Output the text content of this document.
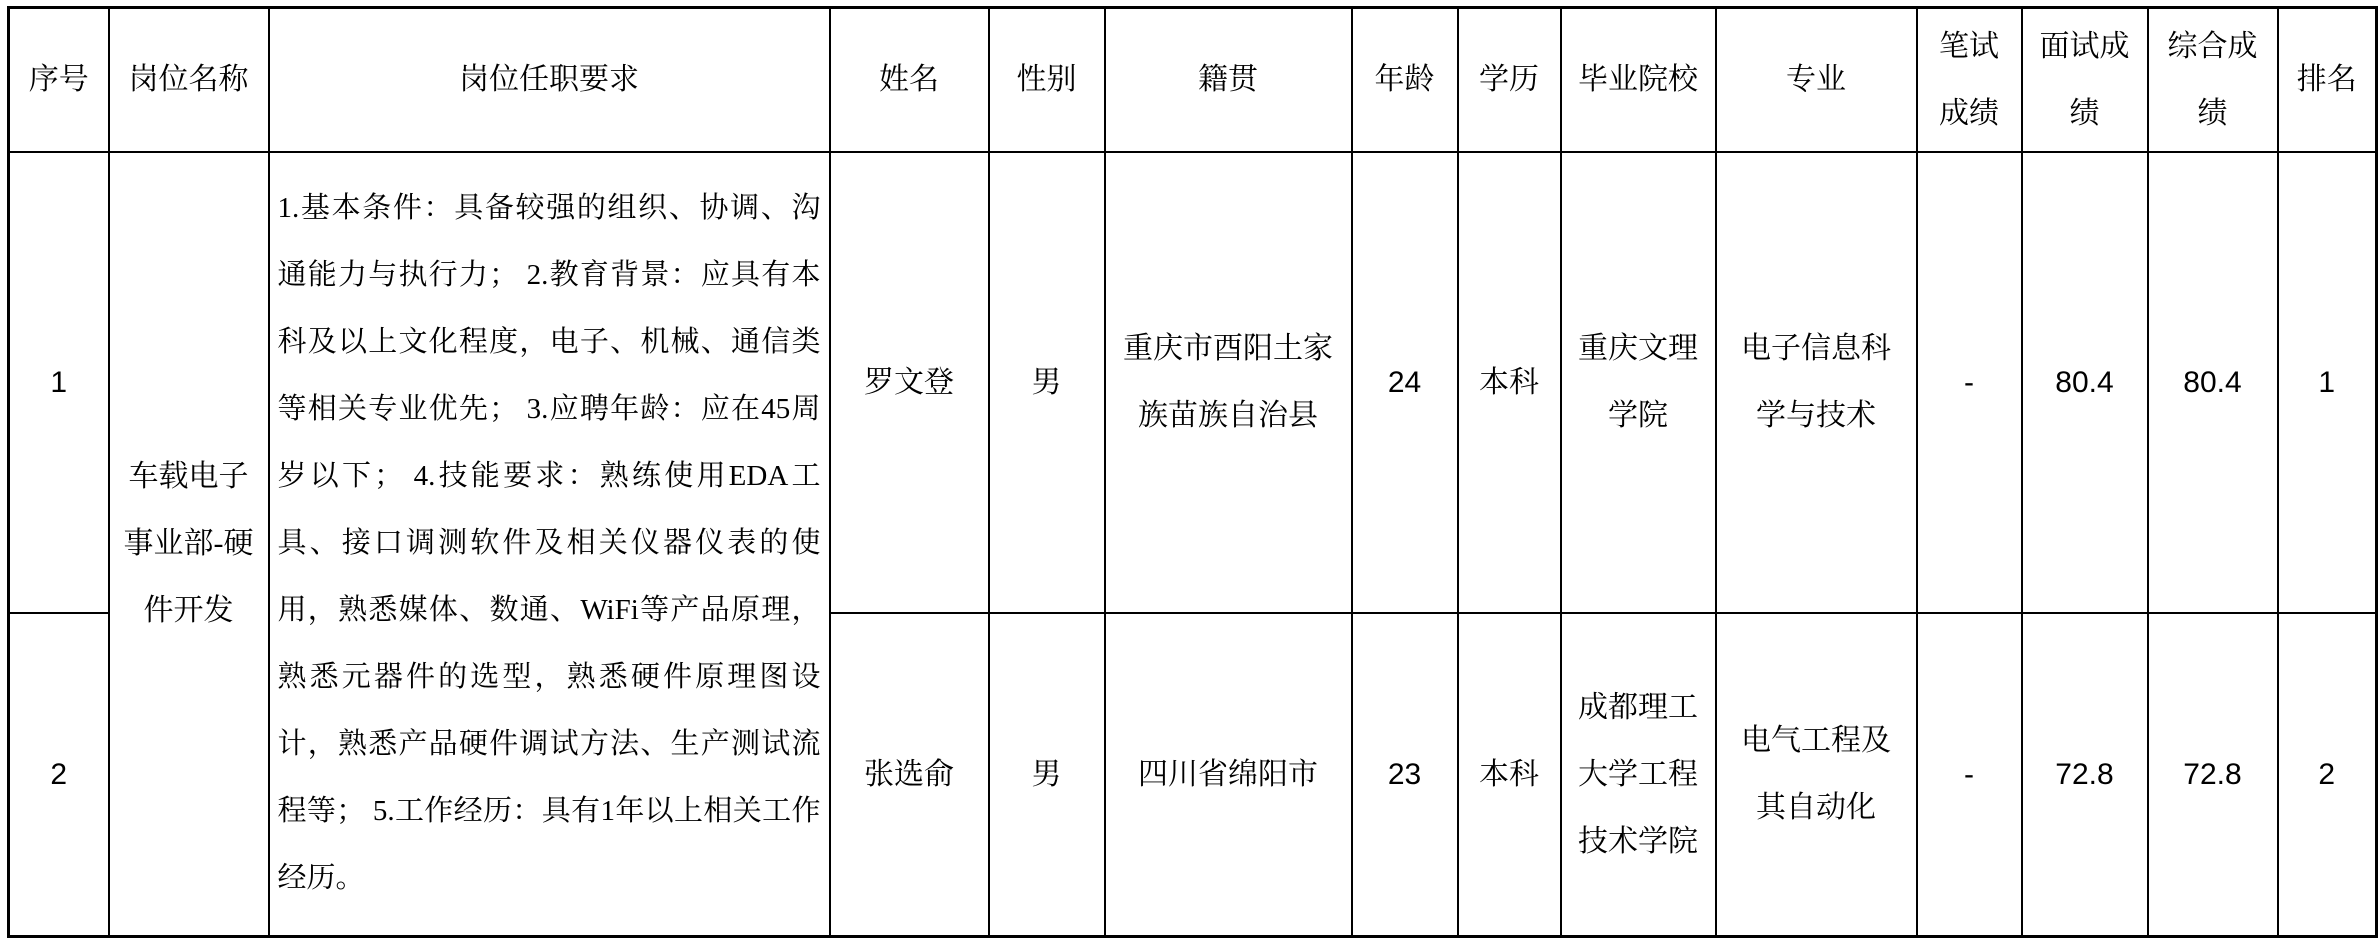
序号	岗位名称	岗位任职要求	姓名	性别	籍贯	年龄	学历	毕业院校	专业	笔试成绩	面试成绩	综合成绩	排名
1	车载电子事业部-硬件开发	1.基本条件：具备较强的组织、协调、沟通能力与执行力； 2.教育背景：应具有本科及以上文化程度，电子、机械、通信类等相关专业优先； 3.应聘年龄：应在45周岁以下； 4.技能要求：熟练使用EDA工具、接口调测软件及相关仪器仪表的使用，熟悉媒体、数通、WiFi等产品原理，熟悉元器件的选型，熟悉硬件原理图设计，熟悉产品硬件调试方法、生产测试流程等； 5.工作经历：具有1年以上相关工作经历。	罗文登	男	重庆市酉阳土家族苗族自治县	24	本科	重庆文理学院	电子信息科学与技术	-	80.4	80.4	1
2			张选俞	男	四川省绵阳市	23	本科	成都理工大学工程技术学院	电气工程及其自动化	-	72.8	72.8	2
